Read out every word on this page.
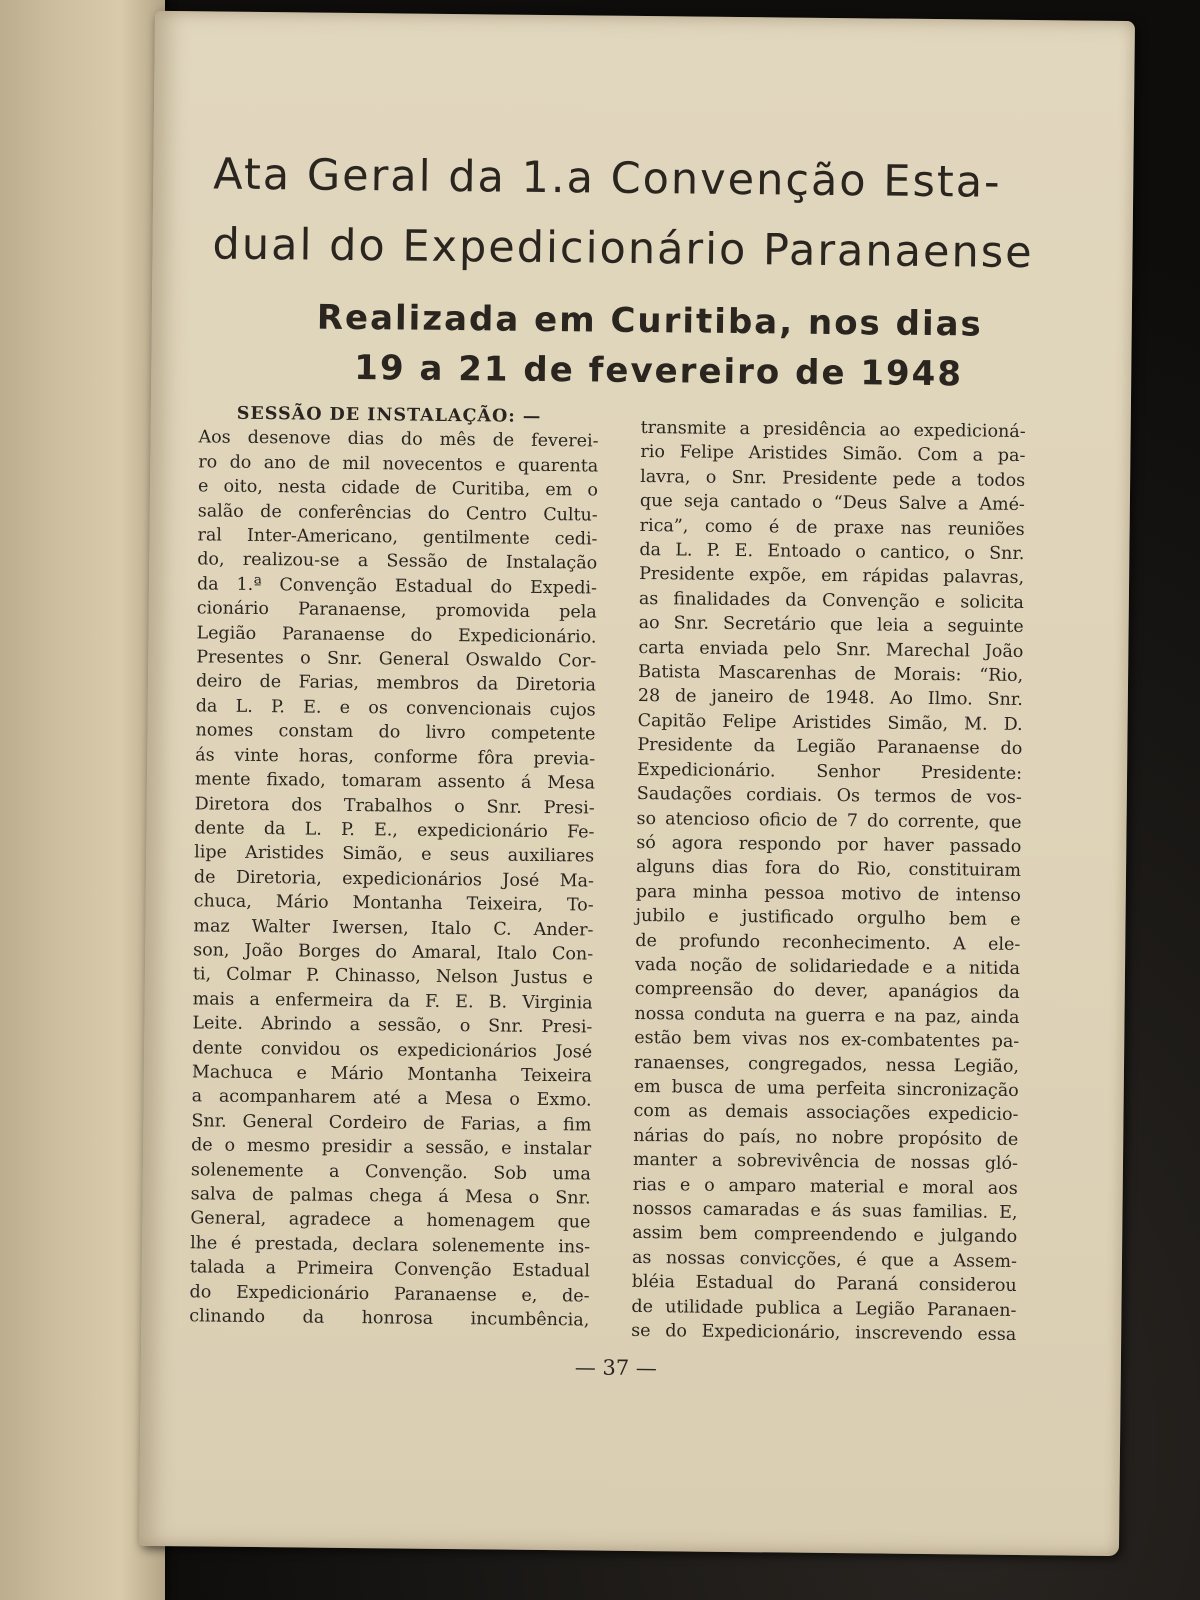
Ata Geral da 1.a Convenção Esta-
dual do Expedicionário Paranaense
Realizada em Curitiba, nos dias
19 a 21 de fevereiro de 1948
SESSÃO DE INSTALAÇÃO: —
Aos desenove dias do mês de feverei-
ro do ano de mil novecentos e quarenta
e oito, nesta cidade de Curitiba, em o
salão de conferências do Centro Cultu-
ral Inter-Americano, gentilmente cedi-
do, realizou-se a Sessão de Instalação
da 1.ª Convenção Estadual do Expedi-
cionário Paranaense, promovida pela
Legião Paranaense do Expedicionário.
Presentes o Snr. General Oswaldo Cor-
deiro de Farias, membros da Diretoria
da L. P. E. e os convencionais cujos
nomes constam do livro competente
ás vinte horas, conforme fôra previa-
mente fixado, tomaram assento á Mesa
Diretora dos Trabalhos o Snr. Presi-
dente da L. P. E., expedicionário Fe-
lipe Aristides Simão, e seus auxiliares
de Diretoria, expedicionários José Ma-
chuca, Mário Montanha Teixeira, To-
maz Walter Iwersen, Italo C. Ander-
son, João Borges do Amaral, Italo Con-
ti, Colmar P. Chinasso, Nelson Justus e
mais a enfermeira da F. E. B. Virginia
Leite. Abrindo a sessão, o Snr. Presi-
dente convidou os expedicionários José
Machuca e Mário Montanha Teixeira
a acompanharem até a Mesa o Exmo.
Snr. General Cordeiro de Farias, a fim
de o mesmo presidir a sessão, e instalar
solenemente a Convenção. Sob uma
salva de palmas chega á Mesa o Snr.
General, agradece a homenagem que
lhe é prestada, declara solenemente ins-
talada a Primeira Convenção Estadual
do Expedicionário Paranaense e, de-
clinando da honrosa incumbência,
transmite a presidência ao expedicioná-
rio Felipe Aristides Simão. Com a pa-
lavra, o Snr. Presidente pede a todos
que seja cantado o “Deus Salve a Amé-
rica”, como é de praxe nas reuniões
da L. P. E. Entoado o cantico, o Snr.
Presidente expõe, em rápidas palavras,
as finalidades da Convenção e solicita
ao Snr. Secretário que leia a seguinte
carta enviada pelo Snr. Marechal João
Batista Mascarenhas de Morais: “Rio,
28 de janeiro de 1948. Ao Ilmo. Snr.
Capitão Felipe Aristides Simão, M. D.
Presidente da Legião Paranaense do
Expedicionário. Senhor Presidente:
Saudações cordiais. Os termos de vos-
so atencioso oficio de 7 do corrente, que
só agora respondo por haver passado
alguns dias fora do Rio, constituiram
para minha pessoa motivo de intenso
jubilo e justificado orgulho bem e
de profundo reconhecimento. A ele-
vada noção de solidariedade e a nitida
compreensão do dever, apanágios da
nossa conduta na guerra e na paz, ainda
estão bem vivas nos ex-combatentes pa-
ranaenses, congregados, nessa Legião,
em busca de uma perfeita sincronização
com as demais associações expedicio-
nárias do país, no nobre propósito de
manter a sobrevivência de nossas gló-
rias e o amparo material e moral aos
nossos camaradas e ás suas familias. E,
assim bem compreendendo e julgando
as nossas convicções, é que a Assem-
bléia Estadual do Paraná considerou
de utilidade publica a Legião Paranaen-
se do Expedicionário, inscrevendo essa
— 37 —
